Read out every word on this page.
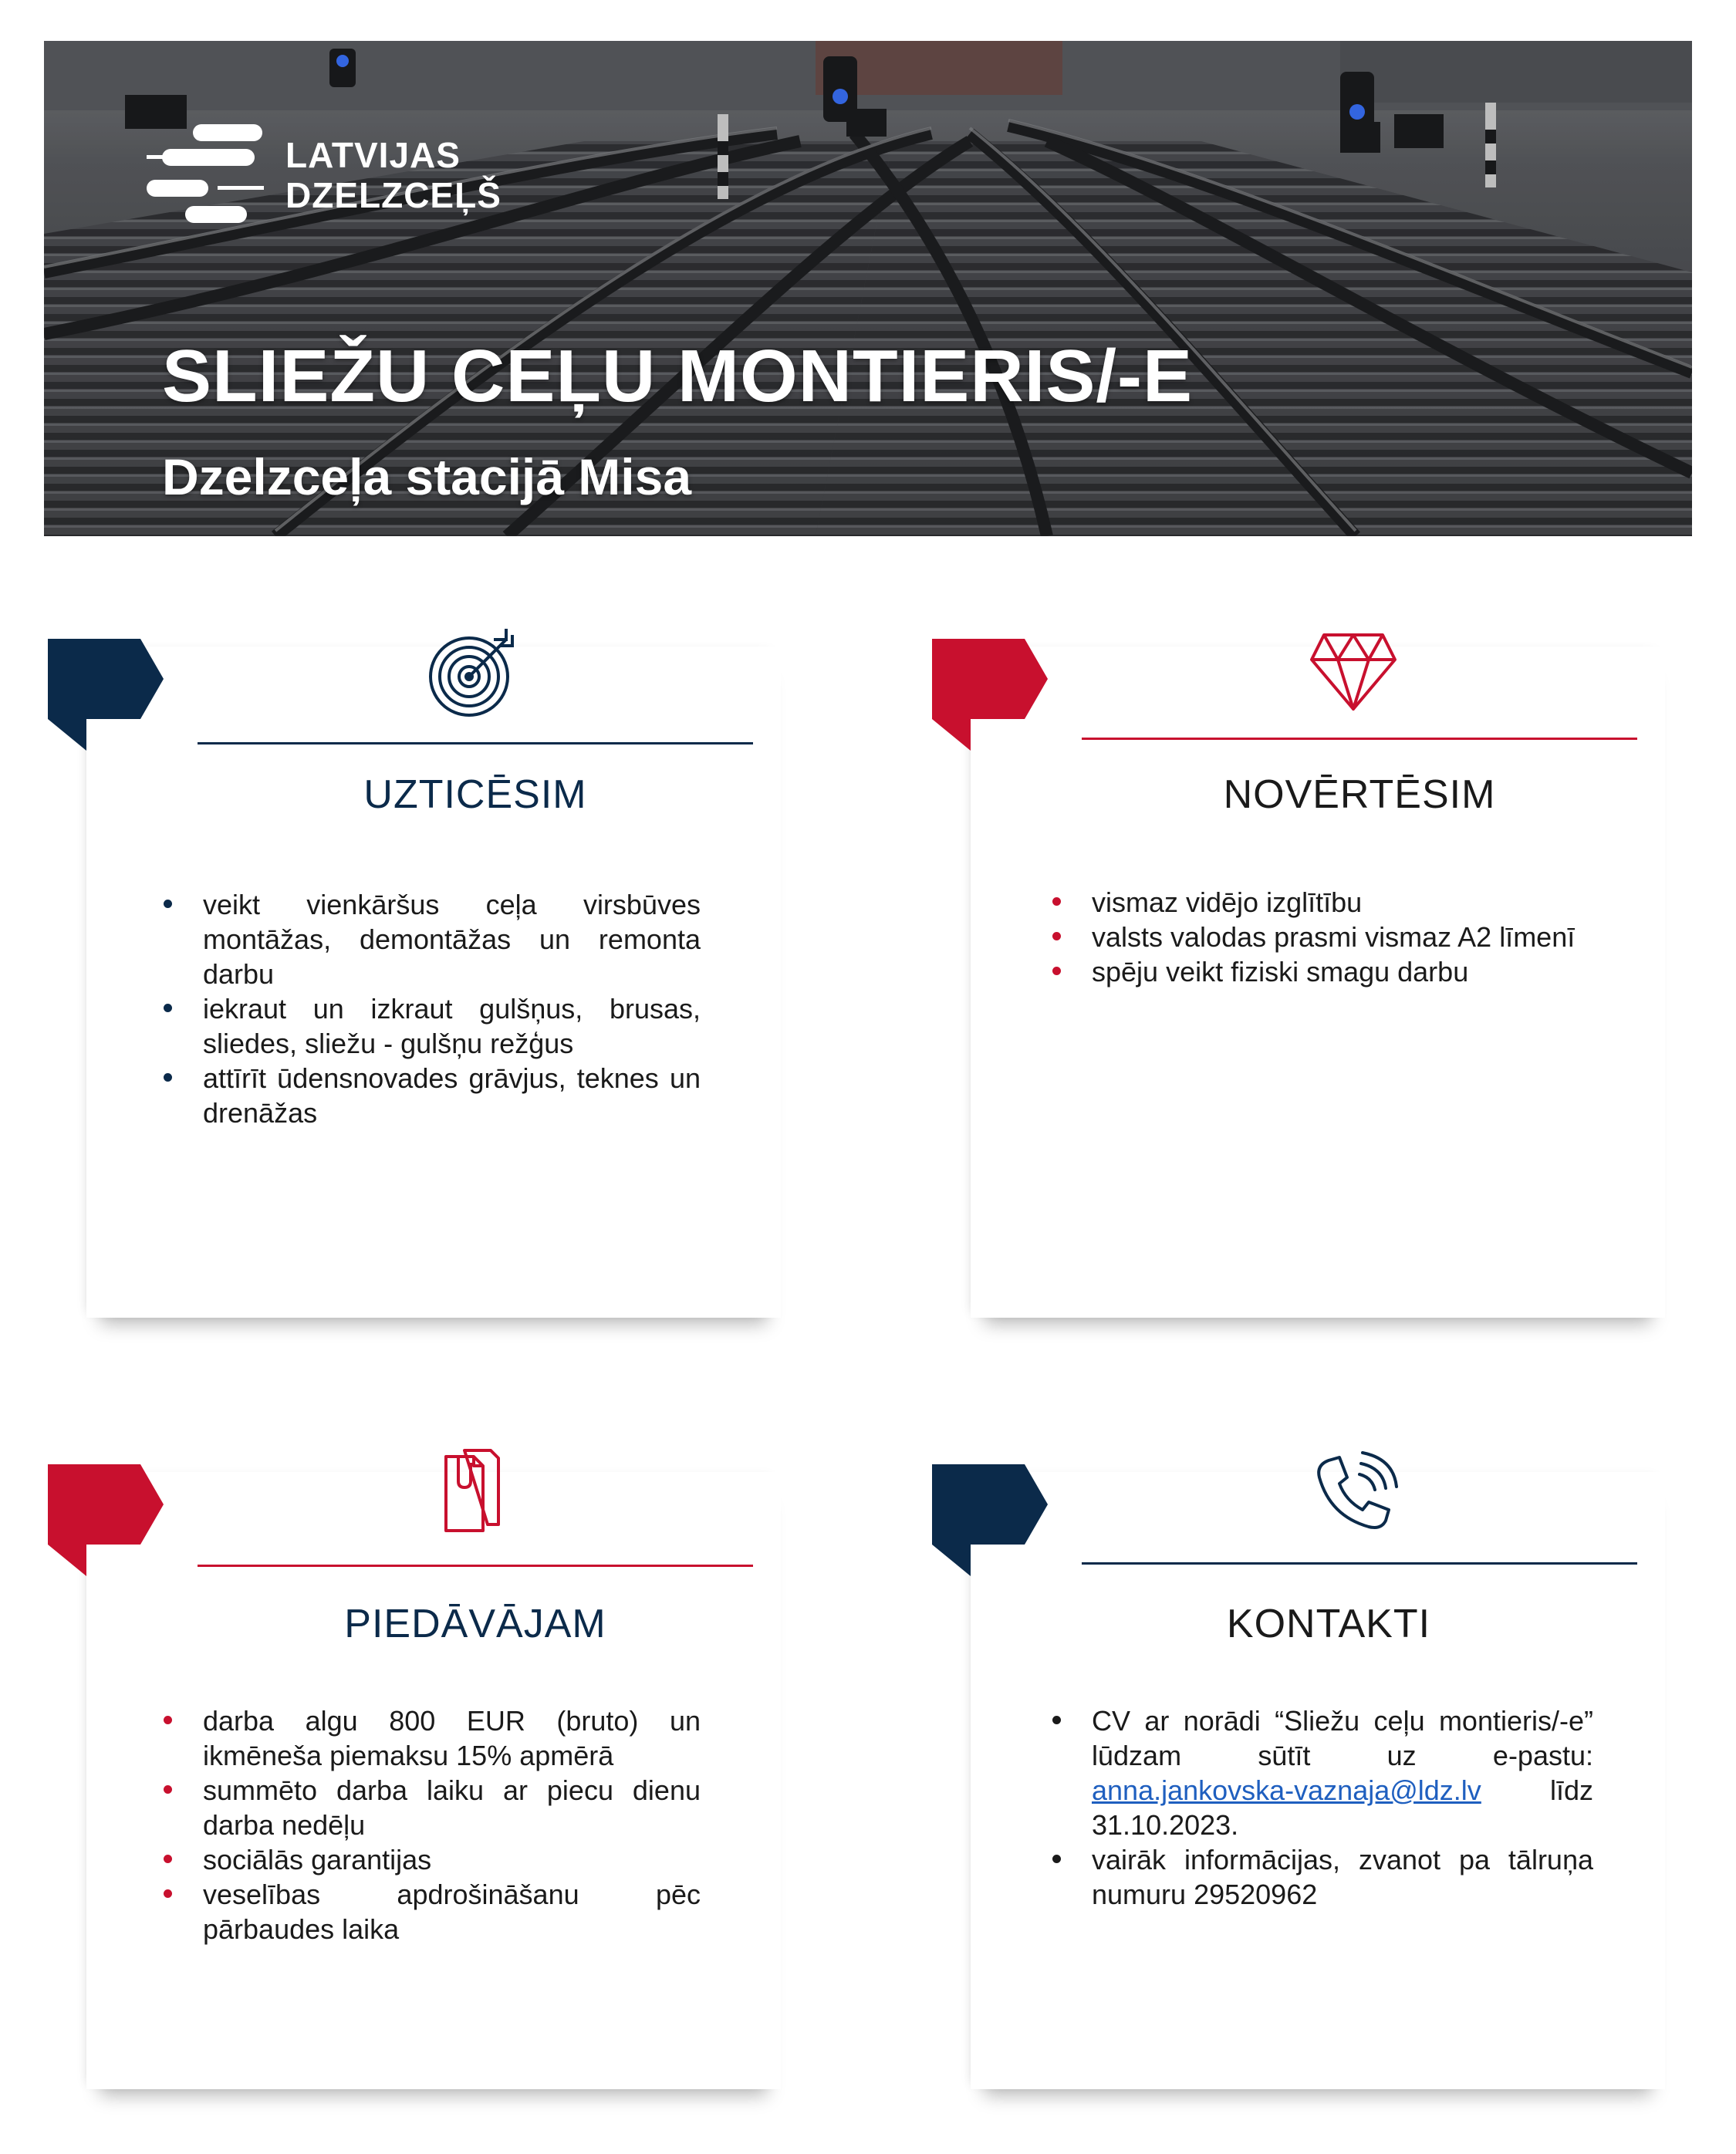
LATVIJAS
DZELZCEĻŠ
SLIEŽU CEĻU MONTIERIS/-E
Dzelzceļa stacijā Misa
UZTICĒSIM
veikt vienkāršus ceļa virsbūves montāžas, demontāžas un remonta darbu
iekraut un izkraut gulšņus, brusas, sliedes, sliežu - gulšņu režģus
attīrīt ūdensnovades grāvjus, teknes un drenāžas
NOVĒRTĒSIM
vismaz vidējo izglītību
valsts valodas prasmi vismaz A2 līmenī
spēju veikt fiziski smagu darbu
PIEDĀVĀJAM
darba algu 800 EUR (bruto) un ikmēneša piemaksu 15% apmērā
summēto darba laiku ar piecu dienu darba nedēļu
sociālās garantijas
veselības apdrošināšanu pēc pārbaudes laika
KONTAKTI
CV ar norādi “Sliežu ceļu montieris/-e” lūdzam sūtīt uz e-pastu: anna.jankovska-vaznaja@ldz.lv līdz 31.10.2023.
vairāk informācijas, zvanot pa tālruņa numuru 29520962
